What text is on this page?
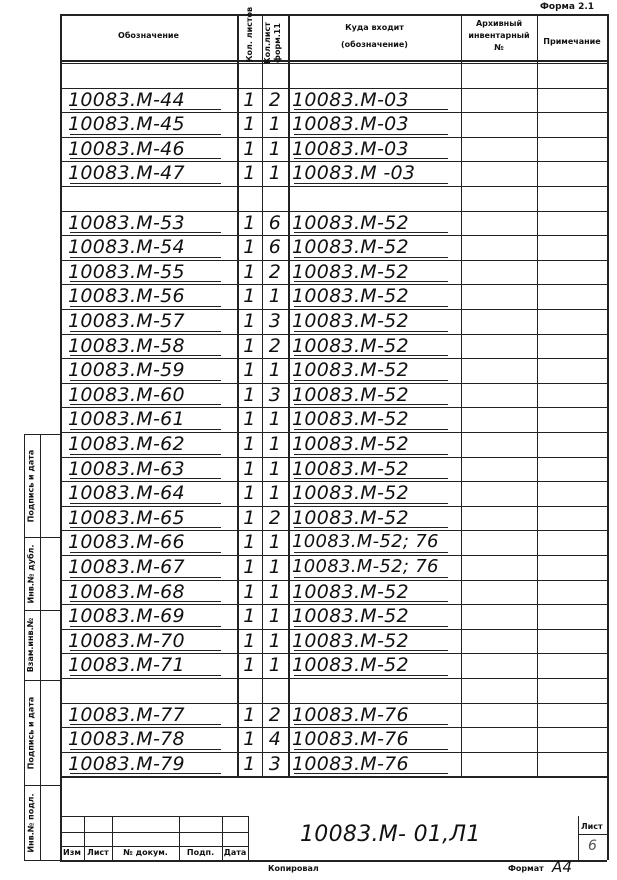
Форма 2.1
Обозначение	Кол. листов Кол.лист форм.11	Куда входит
(обозначение)
Архивный
инвентарный
№
Примечание
10083.М-44	1 2 10083.М-03
10083.М-45	1 1 10083.М-03
10083.М-46	1 1 10083.М-03
10083.М-47	1 1 10083.М -03
10083.М-53	1 6 10083.М-52
10083.М-54	1 6 10083.М-52
10083.М-55	1 2 10083.М-52
10083.М-56	1 1 10083.М-52
10083.М-57	1 3 10083.М-52
10083.М-58	1 2 10083.М-52
10083.М-59	1 1 10083.М-52
10083.М-60	1 3 10083.М-52
10083.М-61	1 1 10083.М-52
10083.М-62	1 1 10083.М-52
10083.М-63	1 1 10083.М-52
10083.М-64	1 1 10083.М-52
10083.М-65	1 2 10083.М-52
10083.М-66	1 1 10083.М-52; 76
10083.М-67	1 1 10083.М-52; 76
10083.М-68	1 1 10083.М-52
10083.М-69	1 1 10083.М-52
10083.М-70	1 1 10083.М-52
10083.М-71	1 1 10083.М-52
10083.М-77	1 2 10083.М-76
10083.М-78	1 4 10083.М-76
10083.М-79	1 3 10083.М-76
Подпись и дата
Инв.№ дубл.
Взам.инв.№
Подпись и дата
Инв.№ подл.	10083.М- 01,Л1	Лист
6
Изм Лист	№ докум.	Подп.	Дата
Копировал	Формат А4
